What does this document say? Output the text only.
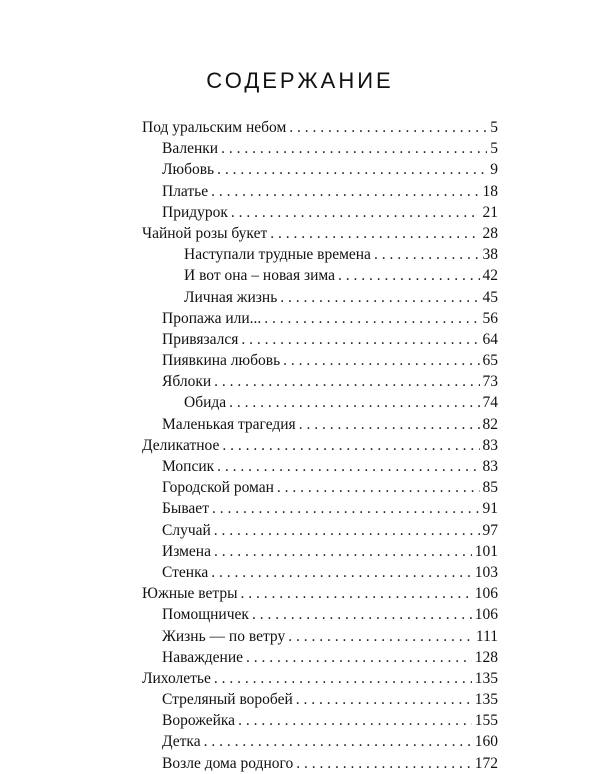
СОДЕРЖАНИЕ
Под уральским небом . . .	5
Валенки . . .	5
Любовь . . .	9
Платье . . .	18
Придурок . . .	21
Чайной розы букет . . .	28
Наступали трудные времена . . .	38
И вот она – новая зима . . .	42
Личная жизнь . . .	45
Пропажа или... . . .	56
Привязался . . .	64
Пиявкина любовь . . .	65
Яблоки . . .	73
Обида . . .	74
Маленькая трагедия . . .	82
Деликатное . . .	83
Мопсик . . .	83
Городской роман . . .	85
Бывает . . .	91
Случай . . .	97
Измена . . .	101
Стенка . . .	103
Южные ветры . . .	106
Помощничек . . .	106
Жизнь — по ветру . . .	111
Наваждение . . .	128
Лихолетье . . .	135
Стреляный воробей . . .	135
Ворожейка . . .	155
Детка . . .	160
Возле дома родного . . .	172
